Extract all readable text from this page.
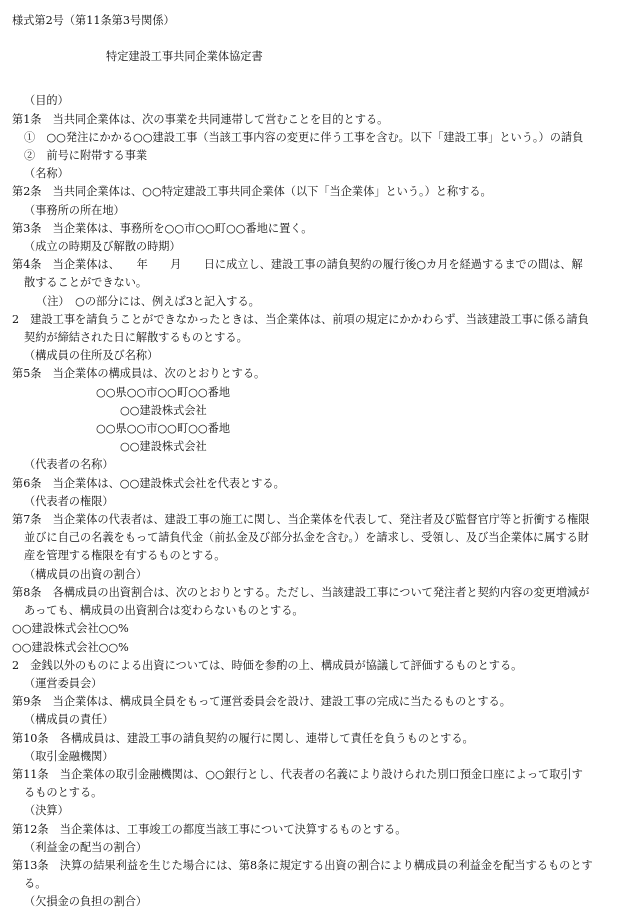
様式第2号（第11条第3号関係）
特定建設工事共同企業体協定書
（目的）
第1条　当共同企業体は、次の事業を共同連帯して営むことを目的とする。
①　○○発注にかかる○○建設工事（当該工事内容の変更に伴う工事を含む。以下「建設工事」という。）の請負
②　前号に附帯する事業
（名称）
第2条　当共同企業体は、○○特定建設工事共同企業体（以下「当企業体」という。）と称する。
（事務所の所在地）
第3条　当企業体は、事務所を○○市○○町○○番地に置く。
（成立の時期及び解散の時期）
第4条　当企業体は、　　年　　月　　日に成立し、建設工事の請負契約の履行後○カ月を経過するまでの間は、解
散することができない。
（注）　○の部分には、例えば3と記入する。
2　建設工事を請負うことができなかったときは、当企業体は、前項の規定にかかわらず、当該建設工事に係る請負
契約が締結された日に解散するものとする。
（構成員の住所及び名称）
第5条　当企業体の構成員は、次のとおりとする。
○○県○○市○○町○○番地
○○建設株式会社
○○県○○市○○町○○番地
○○建設株式会社
（代表者の名称）
第6条　当企業体は、○○建設株式会社を代表とする。
（代表者の権限）
第7条　当企業体の代表者は、建設工事の施工に関し、当企業体を代表して、発注者及び監督官庁等と折衝する権限
並びに自己の名義をもって請負代金（前払金及び部分払金を含む。）を請求し、受領し、及び当企業体に属する財
産を管理する権限を有するものとする。
（構成員の出資の割合）
第8条　各構成員の出資割合は、次のとおりとする。ただし、当該建設工事について発注者と契約内容の変更増減が
あっても、構成員の出資割合は変わらないものとする。
○○建設株式会社○○%
○○建設株式会社○○%
2　金銭以外のものによる出資については、時価を参酌の上、構成員が協議して評価するものとする。
（運営委員会）
第9条　当企業体は、構成員全員をもって運営委員会を設け、建設工事の完成に当たるものとする。
（構成員の責任）
第10条　各構成員は、建設工事の請負契約の履行に関し、連帯して責任を負うものとする。
（取引金融機関）
第11条　当企業体の取引金融機関は、○○銀行とし、代表者の名義により設けられた別口預金口座によって取引す
るものとする。
（決算）
第12条　当企業体は、工事竣工の都度当該工事について決算するものとする。
（利益金の配当の割合）
第13条　決算の結果利益を生じた場合には、第8条に規定する出資の割合により構成員の利益金を配当するものとす
る。
（欠損金の負担の割合）
